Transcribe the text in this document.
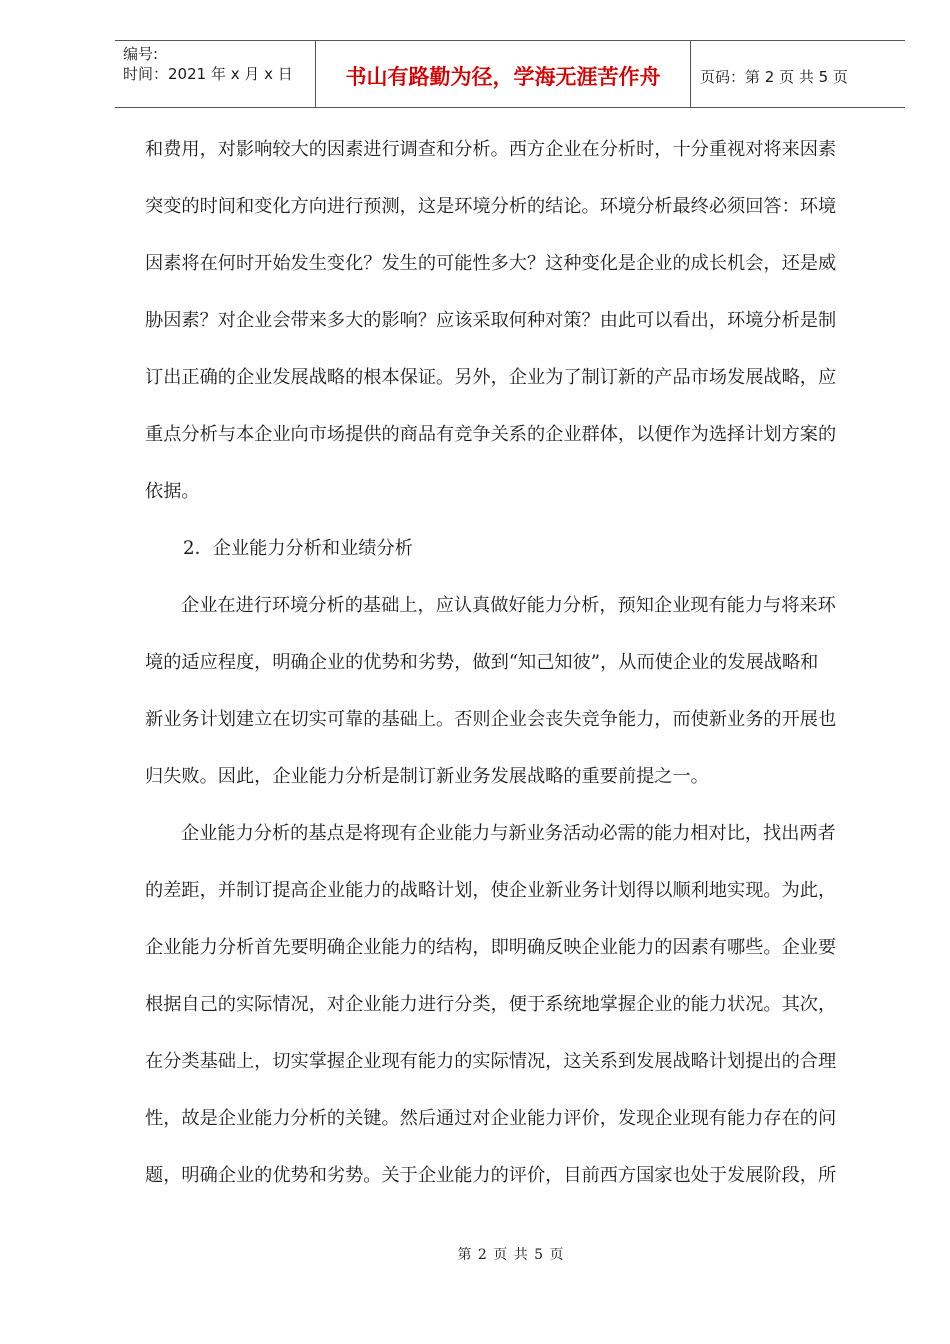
编号:
时间：2021 年 x 月 x 日	书山有路勤为径，学海无涯苦作舟	页码：第 2 页 共 5 页
和费用，对影响较大的因素进行调查和分析。西方企业在分析时，十分重视对将来因素
突变的时间和变化方向进行预测，这是环境分析的结论。环境分析最终必须回答：环境
因素将在何时开始发生变化？发生的可能性多大？这种变化是企业的成长机会，还是威
胁因素？对企业会带来多大的影响？应该采取何种对策？由此可以看出，环境分析是制
订出正确的企业发展战略的根本保证。另外，企业为了制订新的产品市场发展战略，应
重点分析与本企业向市场提供的商品有竞争关系的企业群体，以便作为选择计划方案的
依据。
2．企业能力分析和业绩分析
企业在进行环境分析的基础上，应认真做好能力分析，预知企业现有能力与将来环
境的适应程度，明确企业的优势和劣势，做到“知己知彼”，从而使企业的发展战略和
新业务计划建立在切实可靠的基础上。否则企业会丧失竞争能力，而使新业务的开展也
归失败。因此，企业能力分析是制订新业务发展战略的重要前提之一。
企业能力分析的基点是将现有企业能力与新业务活动必需的能力相对比，找出两者
的差距，并制订提高企业能力的战略计划，使企业新业务计划得以顺利地实现。为此，
企业能力分析首先要明确企业能力的结构，即明确反映企业能力的因素有哪些。企业要
根据自己的实际情况，对企业能力进行分类，便于系统地掌握企业的能力状况。其次，
在分类基础上，切实掌握企业现有能力的实际情况，这关系到发展战略计划提出的合理
性，故是企业能力分析的关键。然后通过对企业能力评价，发现企业现有能力存在的问
题，明确企业的优势和劣势。关于企业能力的评价，目前西方国家也处于发展阶段，所
第 2 页 共 5 页
